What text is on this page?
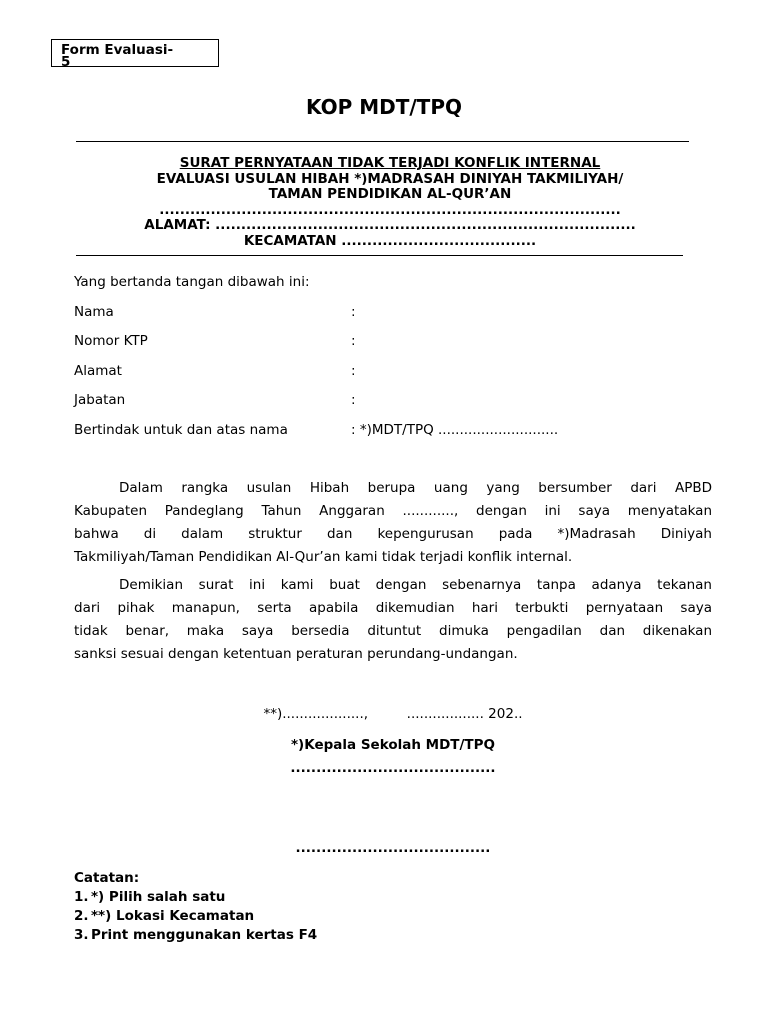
Form Evaluasi-
5
KOP MDT/TPQ
SURAT PERNYATAAN TIDAK TERJADI KONFLIK INTERNAL
EVALUASI USULAN HIBAH *)MADRASAH DINIYAH TAKMILIYAH/
TAMAN PENDIDIKAN AL-QUR’AN
..........................................................................................
ALAMAT: ..................................................................................
KECAMATAN ......................................
Yang bertanda tangan dibawah ini:
Nama	:
Nomor KTP	:
Alamat	:
Jabatan	:
Bertindak untuk dan atas nama	: *)MDT/TPQ ............................
Dalam rangka usulan Hibah berupa uang yang bersumber dari APBD
Kabupaten Pandeglang Tahun Anggaran ............, dengan ini saya menyatakan
bahwa di dalam struktur dan kepengurusan pada *)Madrasah Diniyah
Takmiliyah/Taman Pendidikan Al-Qur’an kami tidak terjadi konflik internal.
Demikian surat ini kami buat dengan sebenarnya tanpa adanya tekanan
dari pihak manapun, serta apabila dikemudian hari terbukti pernyataan saya
tidak benar, maka saya bersedia dituntut dimuka pengadilan dan dikenakan
sanksi sesuai dengan ketentuan peraturan perundang-undangan.
**)...................,         .................. 202..
*)Kepala Sekolah MDT/TPQ
........................................
......................................
Catatan:
1. *) Pilih salah satu
2. **) Lokasi Kecamatan
3. Print menggunakan kertas F4
